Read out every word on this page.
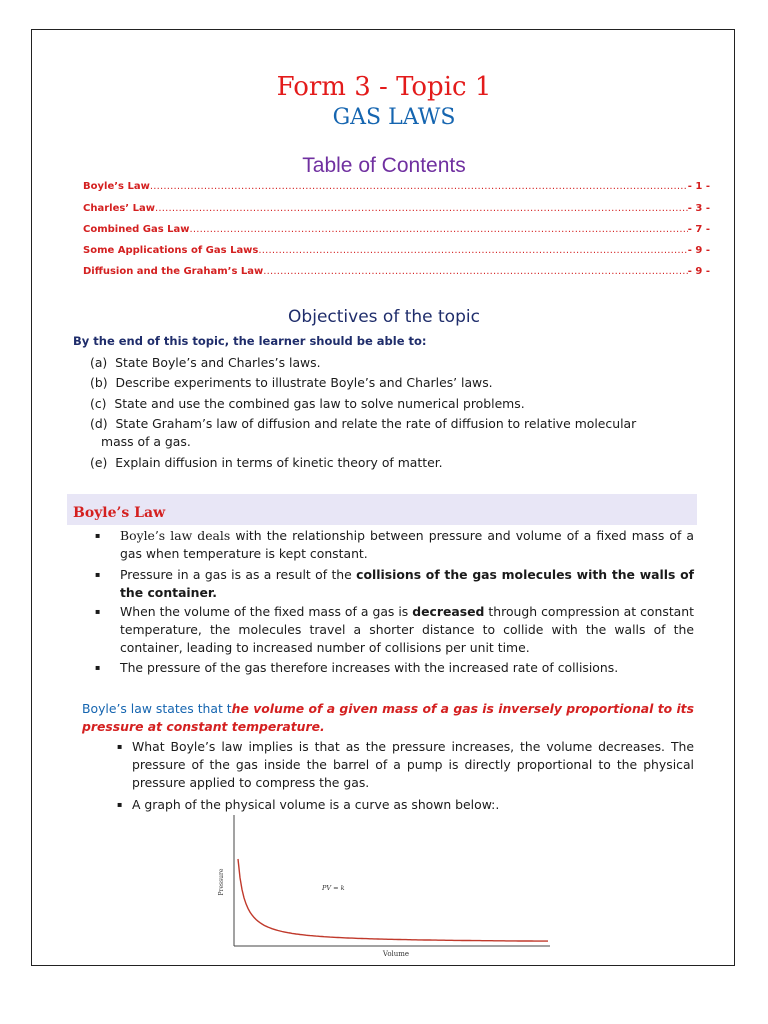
Form 3 - Topic 1
GAS LAWS
Table of Contents
Boyle’s Law .....	- 1 -
Charles’ Law .....	- 3 -
Combined Gas Law .....	- 7 -
Some Applications of Gas Laws .....	- 9 -
Diffusion and the Graham’s Law .....	- 9 -
Objectives of the topic
By the end of this topic, the learner should be able to:
(a) State Boyle’s and Charles’s laws.
(b) Describe experiments to illustrate Boyle’s and Charles’ laws.
(c) State and use the combined gas law to solve numerical problems.
(d) State Graham’s law of diffusion and relate the rate of diffusion to relative molecular
mass of a gas.
(e) Explain diffusion in terms of kinetic theory of matter.
Boyle’s Law
▪	Boyle’s law deals with the relationship between pressure and volume of a fixed mass of a gas when temperature is kept constant.
▪	Pressure in a gas is as a result of the collisions of the gas molecules with the walls of the container.
▪	When the volume of the fixed mass of a gas is decreased through compression at constant temperature, the molecules travel a shorter distance to collide with the walls of the container, leading to increased number of collisions per unit time.
▪	The pressure of the gas therefore increases with the increased rate of collisions.
Boyle’s law states that the volume of a given mass of a gas is inversely proportional to its pressure at constant temperature.
▪ What Boyle’s law implies is that as the pressure increases, the volume decreases. The pressure of the gas inside the barrel of a pump is directly proportional to the physical pressure applied to compress the gas.
▪ A graph of the physical volume is a curve as shown below:.
Pressure
Volume
PV = k
